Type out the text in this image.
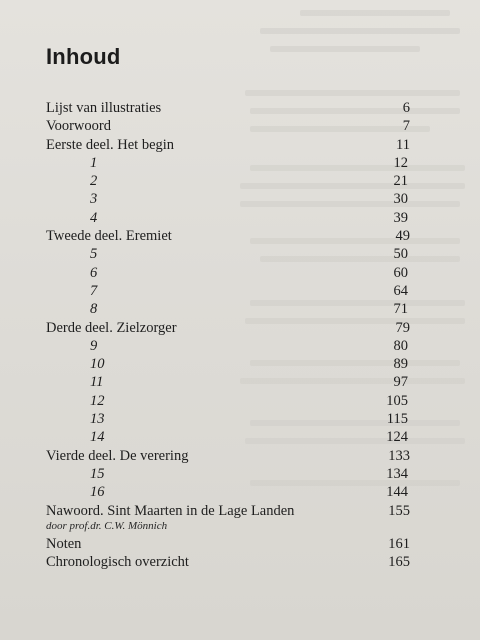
Inhoud
Lijst van illustraties	6
Voorwoord	7
Eerste deel. Het begin	11
1	12
2	21
3	30
4	39
Tweede deel. Eremiet	49
5	50
6	60
7	64
8	71
Derde deel. Zielzorger	79
9	80
10	89
11	97
12	105
13	115
14	124
Vierde deel. De verering	133
15	134
16	144
Nawoord. Sint Maarten in de Lage Landen	155
door prof.dr. C.W. Mönnich
Noten	161
Chronologisch overzicht	165
